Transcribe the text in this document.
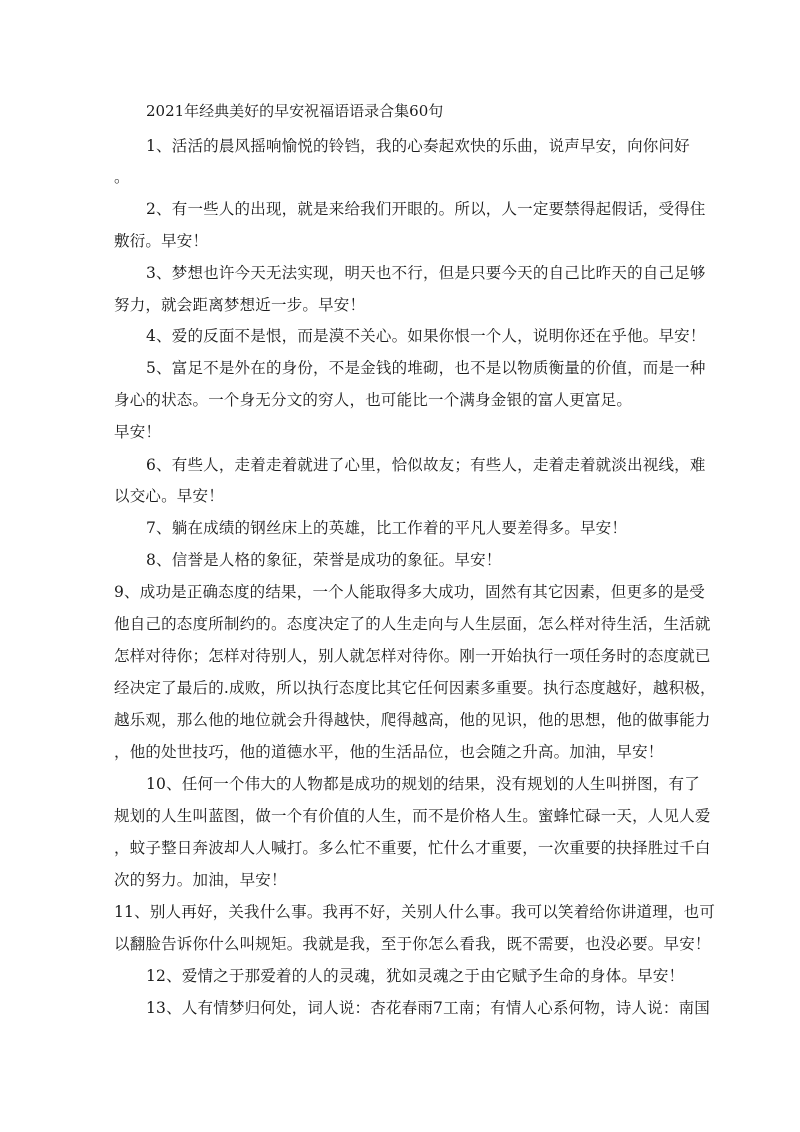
2021年经典美好的早安祝福语语录合集60句
1、活活的晨风摇响愉悦的铃铛，我的心奏起欢快的乐曲，说声早安，向你问好
。
2、有一些人的出现，就是来给我们开眼的。所以，人一定要禁得起假话，受得住
敷衍。早安！
3、梦想也许今天无法实现，明天也不行，但是只要今天的自己比昨天的自己足够
努力，就会距离梦想近一步。早安！
4、爱的反面不是恨，而是漠不关心。如果你恨一个人，说明你还在乎他。早安！
5、富足不是外在的身份，不是金钱的堆砌，也不是以物质衡量的价值，而是一种
身心的状态。一个身无分文的穷人，也可能比一个满身金银的富人更富足。
早安！
6、有些人，走着走着就进了心里，恰似故友；有些人，走着走着就淡出视线，难
以交心。早安！
7、躺在成绩的钢丝床上的英雄，比工作着的平凡人要差得多。早安！
8、信誉是人格的象征，荣誉是成功的象征。早安！
9、成功是正确态度的结果，一个人能取得多大成功，固然有其它因素，但更多的是受
他自己的态度所制约的。态度决定了的人生走向与人生层面，怎么样对待生活，生活就
怎样对待你；怎样对待别人，别人就怎样对待你。刚一开始执行一项任务时的态度就已
经决定了最后的.成败，所以执行态度比其它任何因素多重要。执行态度越好，越积极，
越乐观，那么他的地位就会升得越快，爬得越高，他的见识，他的思想，他的做事能力
，他的处世技巧，他的道德水平，他的生活品位，也会随之升高。加油，早安！
10、任何一个伟大的人物都是成功的规划的结果，没有规划的人生叫拼图，有了
规划的人生叫蓝图，做一个有价值的人生，而不是价格人生。蜜蜂忙碌一天，人见人爱
，蚊子整日奔波却人人喊打。多么忙不重要，忙什么才重要，一次重要的抉择胜过千白
次的努力。加油，早安！
11、别人再好，关我什么事。我再不好，关别人什么事。我可以笑着给你讲道理，也可
以翻脸告诉你什么叫规矩。我就是我，至于你怎么看我，既不需要，也没必要。早安！
12、爱情之于那爱着的人的灵魂，犹如灵魂之于由它赋予生命的身体。早安！
13、人有情梦归何处，词人说：杏花春雨7工南；有情人心系何物，诗人说：南国
